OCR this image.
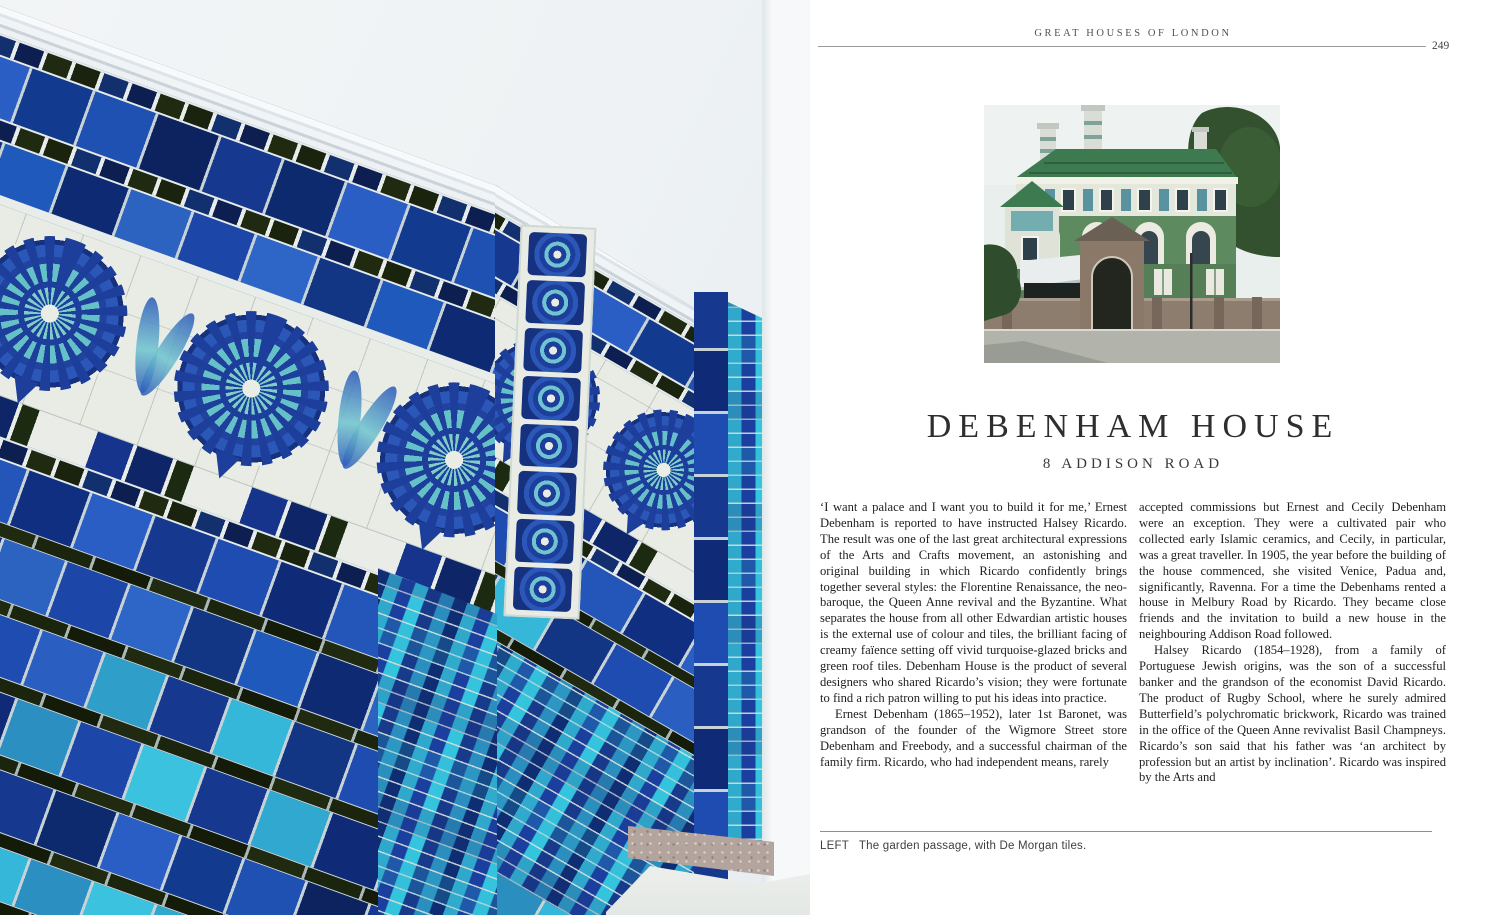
GREAT HOUSES OF LONDON
249
DEBENHAM HOUSE
8 ADDISON ROAD

‘I want a palace and I want you to build it for me,’ Ernest Debenham is reported to have instructed Halsey Ricardo. The result was one of the last great architectural expressions of the Arts and Crafts movement, an astonishing and original building in which Ricardo confidently brings together several styles: the Florentine Renaissance, the neo-baroque, the Queen Anne revival and the Byzantine. What separates the house from all other Edwardian artistic houses is the external use of colour and tiles, the brilliant facing of creamy faïence setting off vivid turquoise-glazed bricks and green roof tiles. Debenham House is the product of several designers who shared Ricardo’s vision; they were fortunate to find a rich patron willing to put his ideas into practice.

Ernest Debenham (1865–1952), later 1st Baronet, was grandson of the founder of the Wigmore Street store Debenham and Freebody, and a successful chairman of the family firm. Ricardo, who had independent means, rarely

accepted commissions but Ernest and Cecily Debenham were an exception. They were a cultivated pair who collected early Islamic ceramics, and Cecily, in particular, was a great traveller. In 1905, the year before the building of the house commenced, she visited Venice, Padua and, significantly, Ravenna. For a time the Debenhams rented a house in Melbury Road by Ricardo. They became close friends and the invitation to build a new house in the neighbouring Addison Road followed.

Halsey Ricardo (1854–1928), from a family of Portuguese Jewish origins, was the son of a successful banker and the grandson of the economist David Ricardo. The product of Rugby School, where he surely admired Butterfield’s polychromatic brickwork, Ricardo was trained in the office of the Queen Anne revivalist Basil Champneys. Ricardo’s son said that his father was ‘an architect by profession but an artist by inclination’. Ricardo was inspired by the Arts and

LEFT The garden passage, with De Morgan tiles.
